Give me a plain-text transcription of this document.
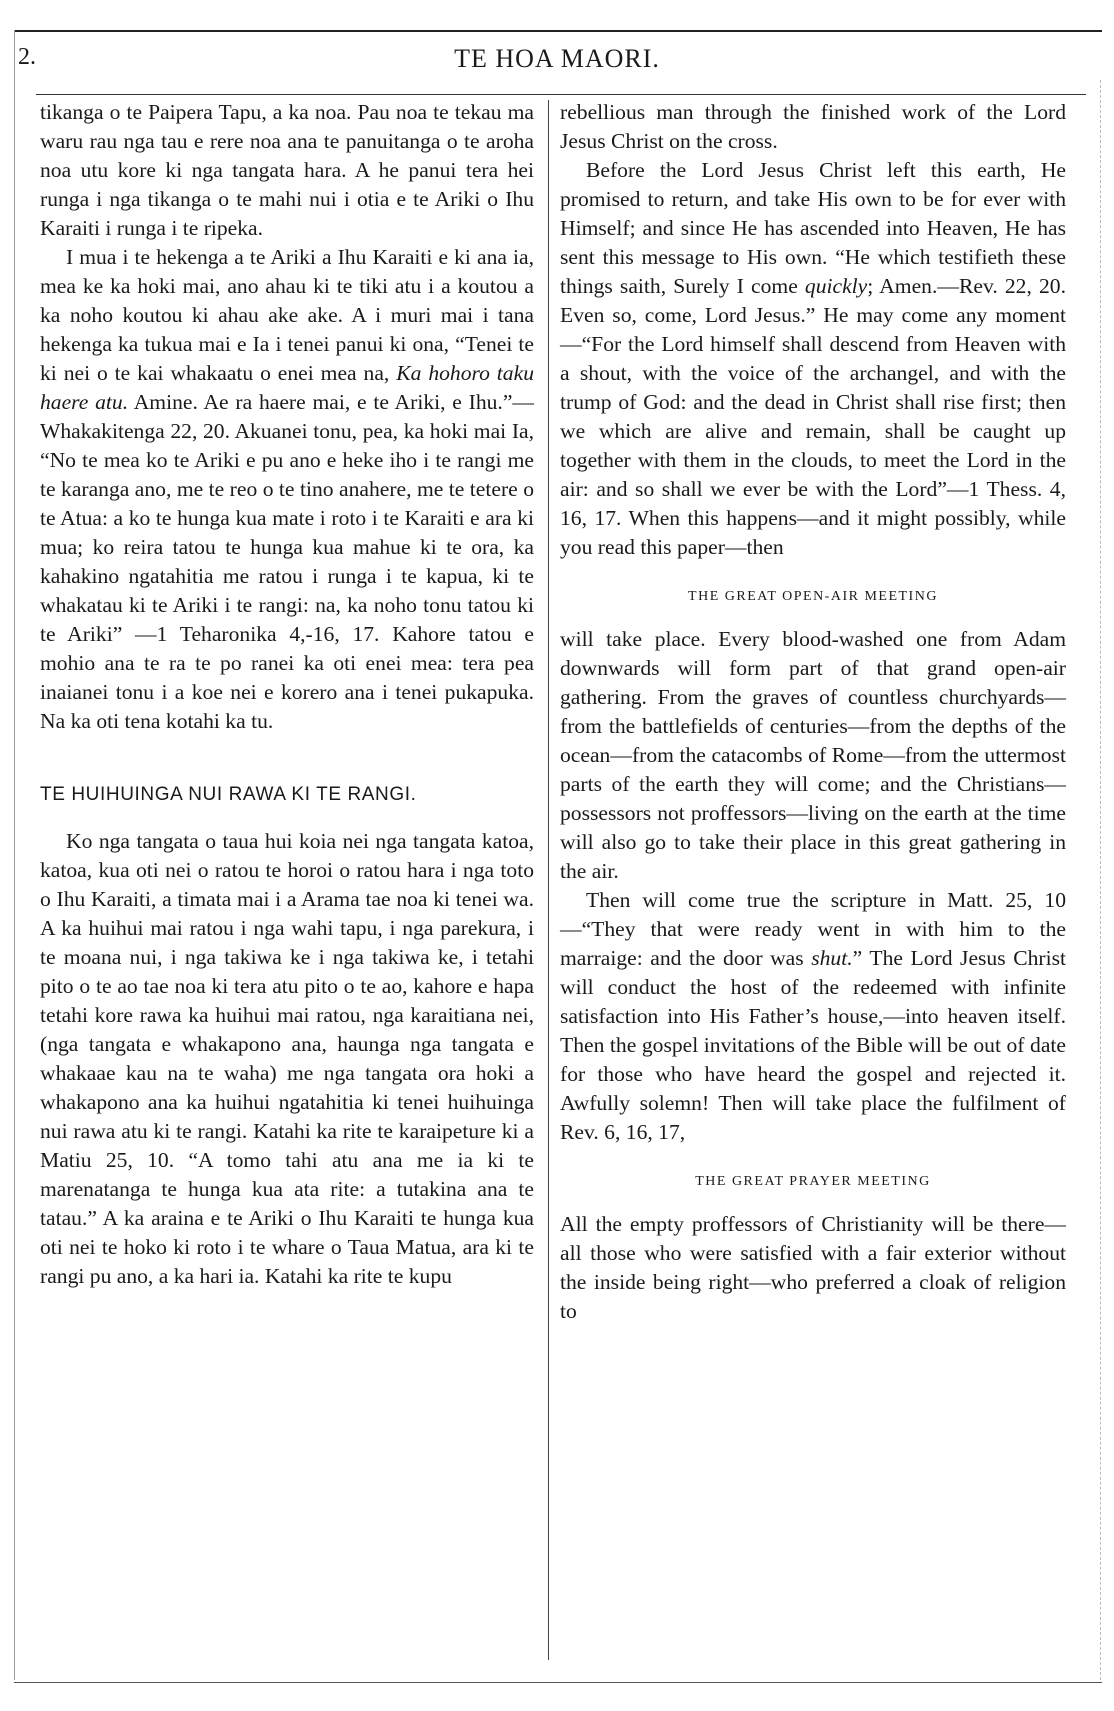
2.	TE HOA MAORI.

tikanga o te Paipera Tapu, a ka noa. Pau noa te tekau ma waru rau nga tau e rere noa ana te panuitanga o te aroha noa utu kore ki nga tangata hara. A he panui tera hei runga i nga tikanga o te mahi nui i otia e te Ariki o Ihu Karaiti i runga i te ripeka.

I mua i te hekenga a te Ariki a Ihu Karaiti e ki ana ia, mea ke ka hoki mai, ano ahau ki te tiki atu i a koutou a ka noho koutou ki ahau ake ake. A i muri mai i tana hekenga ka tukua mai e Ia i tenei panui ki ona, “Tenei te ki nei o te kai whakaatu o enei mea na, Ka hohoro taku haere atu. Amine. Ae ra haere mai, e te Ariki, e Ihu.”—Whakakitenga 22, 20. Akuanei tonu, pea, ka hoki mai Ia, “No te mea ko te Ariki e pu ano e heke iho i te rangi me te karanga ano, me te reo o te tino anahere, me te tetere o te Atua: a ko te hunga kua mate i roto i te Karaiti e ara ki mua; ko reira tatou te hunga kua mahue ki te ora, ka kahakino ngatahitia me ratou i runga i te kapua, ki te whakatau ki te Ariki i te rangi: na, ka noho tonu tatou ki te Ariki” —1 Teharonika 4,-16, 17. Kahore tatou e mohio ana te ra te po ranei ka oti enei mea: tera pea inaianei tonu i a koe nei e korero ana i tenei pukapuka. Na ka oti tena kotahi ka tu.

TE HUIHUINGA NUI RAWA KI TE RANGI.

Ko nga tangata o taua hui koia nei nga tangata katoa, katoa, kua oti nei o ratou te horoi o ratou hara i nga toto o Ihu Karaiti, a timata mai i a Arama tae noa ki tenei wa. A ka huihui mai ratou i nga wahi tapu, i nga parekura, i te moana nui, i nga takiwa ke i nga takiwa ke, i tetahi pito o te ao tae noa ki tera atu pito o te ao, kahore e hapa tetahi kore rawa ka huihui mai ratou, nga karaitiana nei, (nga tangata e whakapono ana, haunga nga tangata e whakaae kau na te waha) me nga tangata ora hoki a whakapono ana ka huihui ngatahitia ki tenei huihuinga nui rawa atu ki te rangi. Katahi ka rite te karaipeture ki a Matiu 25, 10. “A tomo tahi atu ana me ia ki te marenatanga te hunga kua ata rite: a tutakina ana te tatau.” A ka araina e te Ariki o Ihu Karaiti te hunga kua oti nei te hoko ki roto i te whare o Taua Matua, ara ki te rangi pu ano, a ka hari ia. Katahi ka rite te kupu

rebellious man through the finished work of the Lord Jesus Christ on the cross.

Before the Lord Jesus Christ left this earth, He promised to return, and take His own to be for ever with Himself; and since He has ascended into Heaven, He has sent this message to His own. “He which testifieth these things saith, Surely I come quickly; Amen.—Rev. 22, 20. Even so, come, Lord Jesus.” He may come any moment—“For the Lord himself shall descend from Heaven with a shout, with the voice of the archangel, and with the trump of God: and the dead in Christ shall rise first; then we which are alive and remain, shall be caught up together with them in the clouds, to meet the Lord in the air: and so shall we ever be with the Lord”—1 Thess. 4, 16, 17. When this happens—and it might possibly, while you read this paper—then

THE GREAT OPEN-AIR MEETING

will take place. Every blood-washed one from Adam downwards will form part of that grand open-air gathering. From the graves of countless churchyards—from the battlefields of centuries—from the depths of the ocean—from the catacombs of Rome—from the uttermost parts of the earth they will come; and the Christians—possessors not proffessors—living on the earth at the time will also go to take their place in this great gathering in the air.

Then will come true the scripture in Matt. 25, 10—“They that were ready went in with him to the marraige: and the door was shut.” The Lord Jesus Christ will conduct the host of the redeemed with infinite satisfaction into His Father’s house,—into heaven itself. Then the gospel invitations of the Bible will be out of date for those who have heard the gospel and rejected it. Awfully solemn! Then will take place the fulfilment of Rev. 6, 16, 17,

THE GREAT PRAYER MEETING

All the empty proffessors of Christianity will be there—all those who were satisfied with a fair exterior without the inside being right—who preferred a cloak of religion to
